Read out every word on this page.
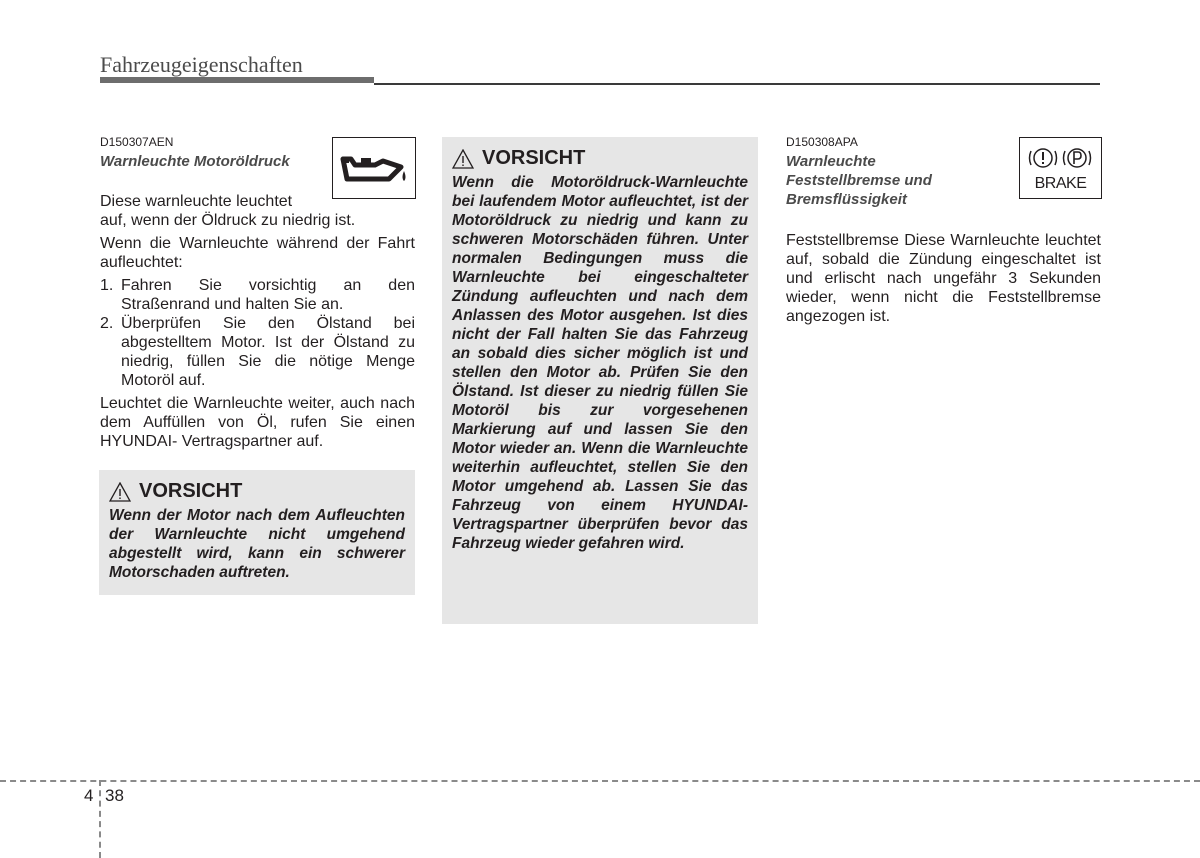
Fahrzeugeigenschaften
D150307AEN
Warnleuchte Motoröldruck

Diese warnleuchte leuchtet

auf, wenn der Öldruck zu niedrig ist.

Wenn die Warnleuchte während der Fahrt aufleuchtet:

1. Fahren Sie vorsichtig an den Straßenrand und halten Sie an.
2. Überprüfen Sie den Ölstand bei abgestelltem Motor. Ist der Ölstand zu niedrig, füllen Sie die nötige Menge Motoröl auf.

Leuchtet die Warnleuchte weiter, auch nach dem Auffüllen von Öl, rufen Sie einen HYUNDAI- Vertragspartner auf.

VORSICHT
Wenn der Motor nach dem Aufleuchten der Warnleuchte nicht umgehend abgestellt wird, kann ein schwerer Motorschaden auftreten.
VORSICHT
Wenn die Motoröldruck-Warnleuchte bei laufendem Motor aufleuchtet, ist der Motoröldruck zu niedrig und kann zu schweren Motorschäden führen. Unter normalen Bedingungen muss die Warnleuchte bei eingeschalteter Zündung aufleuchten und nach dem Anlassen des Motor ausgehen. Ist dies nicht der Fall halten Sie das Fahrzeug an sobald dies sicher möglich ist und stellen den Motor ab. Prüfen Sie den Ölstand. Ist dieser zu niedrig füllen Sie Motoröl bis zur vorgesehenen Markierung auf und lassen Sie den Motor wieder an. Wenn die Warnleuchte weiterhin aufleuchtet, stellen Sie den Motor umgehend ab. Lassen Sie das Fahrzeug von einem HYUNDAI-Vertragspartner überprüfen bevor das Fahrzeug wieder gefahren wird.
D150308APA
Warnleuchte
Feststellbremse und
Bremsflüssigkeit

Feststellbremse Diese Warnleuchte leuchtet auf, sobald die Zündung eingeschaltet ist und erlischt nach ungefähr 3 Sekunden wieder, wenn nicht die Feststellbremse angezogen ist.

BRAKE
4 38
